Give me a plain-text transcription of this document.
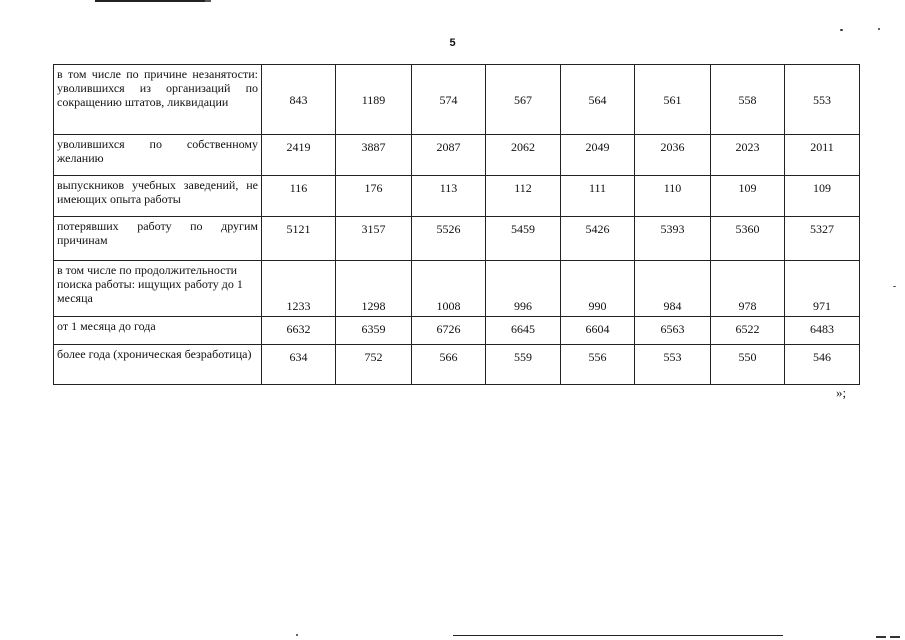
5
в том числе по причине незанятости: уволившихся из организаций по сокращению штатов, ликвидации	843	1189	574	567	564	561	558	553
уволившихся по собственному желанию	2419	3887	2087	2062	2049	2036	2023	2011
выпускников учебных заведений, не имеющих опыта работы	116	176	113	112	111	110	109	109
потерявших работу по другим причинам	5121	3157	5526	5459	5426	5393	5360	5327
в том числе по продолжительности поиска работы: ищущих работу до 1 месяца	1233	1298	1008	996	990	984	978	971
от 1 месяца до года	6632	6359	6726	6645	6604	6563	6522	6483
более года (хроническая безработица)	634	752	566	559	556	553	550	546
»;
